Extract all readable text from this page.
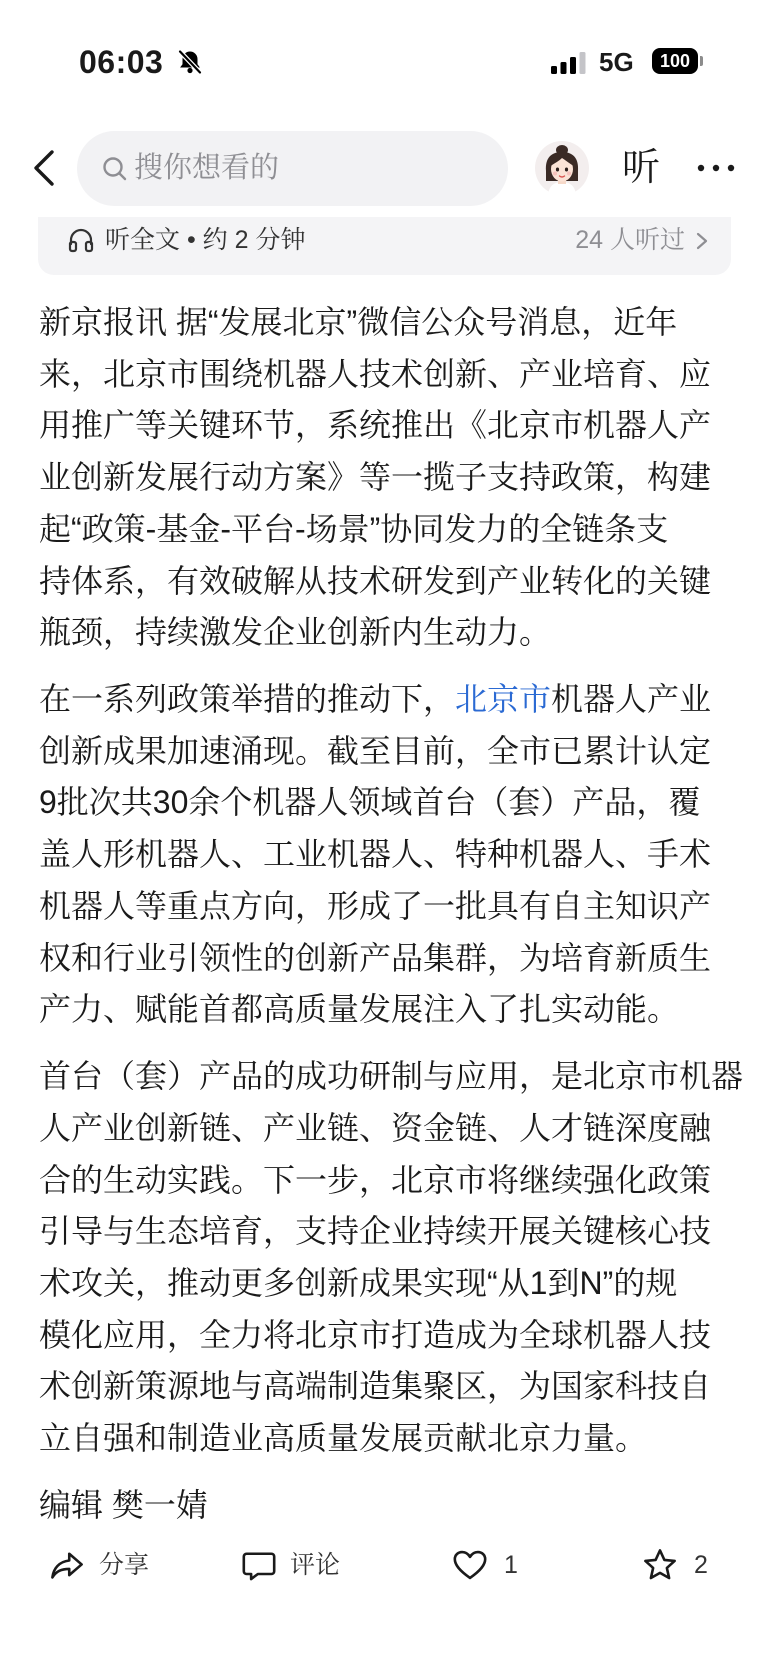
06:03	5G	100
搜你想看的	听
听全文 • 约 2 分钟	24 人听过
新京报讯 据“发展北京”微信公众号消息，近年
来，北京市围绕机器人技术创新、产业培育、应
用推广等关键环节，系统推出《北京市机器人产
业创新发展行动方案》等一揽子支持政策，构建
起“政策-基金-平台-场景”协同发力的全链条支
持体系，有效破解从技术研发到产业转化的关键
瓶颈，持续激发企业创新内生动力。
在一系列政策举措的推动下，北京市机器人产业
创新成果加速涌现。截至目前，全市已累计认定
9批次共30余个机器人领域首台（套）产品，覆
盖人形机器人、工业机器人、特种机器人、手术
机器人等重点方向，形成了一批具有自主知识产
权和行业引领性的创新产品集群，为培育新质生
产力、赋能首都高质量发展注入了扎实动能。
首台（套）产品的成功研制与应用，是北京市机器
人产业创新链、产业链、资金链、人才链深度融
合的生动实践。下一步，北京市将继续强化政策
引导与生态培育，支持企业持续开展关键核心技
术攻关，推动更多创新成果实现“从1到N”的规
模化应用，全力将北京市打造成为全球机器人技
术创新策源地与高端制造集聚区，为国家科技自
立自强和制造业高质量发展贡献北京力量。
编辑 樊一婧
分享	评论	1	2
